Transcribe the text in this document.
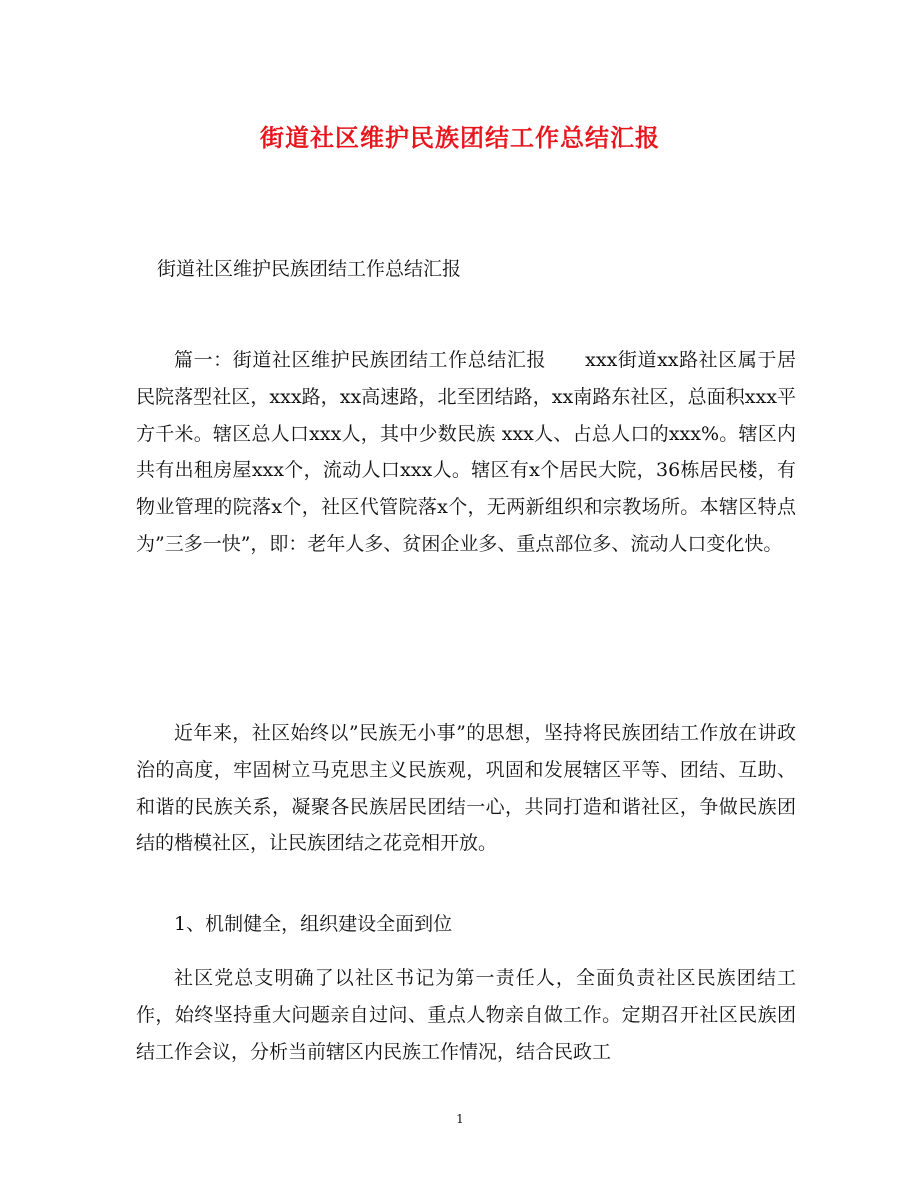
街道社区维护民族团结工作总结汇报

街道社区维护民族团结工作总结汇报

篇一：街道社区维护民族团结工作总结汇报　　xxx街道xx路社区属于居民院落型社区，xxx路，xx高速路，北至团结路，xx南路东社区，总面积xxx平方千米。辖区总人口xxx人，其中少数民族 xxx人、占总人口的xxx%。辖区内共有出租房屋xxx个，流动人口xxx人。辖区有x个居民大院，36栋居民楼，有物业管理的院落x个，社区代管院落x个，无两新组织和宗教场所。本辖区特点为”三多一快”，即：老年人多、贫困企业多、重点部位多、流动人口变化快。

近年来，社区始终以”民族无小事”的思想，坚持将民族团结工作放在讲政治的高度，牢固树立马克思主义民族观，巩固和发展辖区平等、团结、互助、和谐的民族关系，凝聚各民族居民团结一心，共同打造和谐社区，争做民族团结的楷模社区，让民族团结之花竞相开放。

1、机制健全，组织建设全面到位

社区党总支明确了以社区书记为第一责任人，全面负责社区民族团结工作，始终坚持重大问题亲自过问、重点人物亲自做工作。定期召开社区民族团结工作会议，分析当前辖区内民族工作情况，结合民政工

1
